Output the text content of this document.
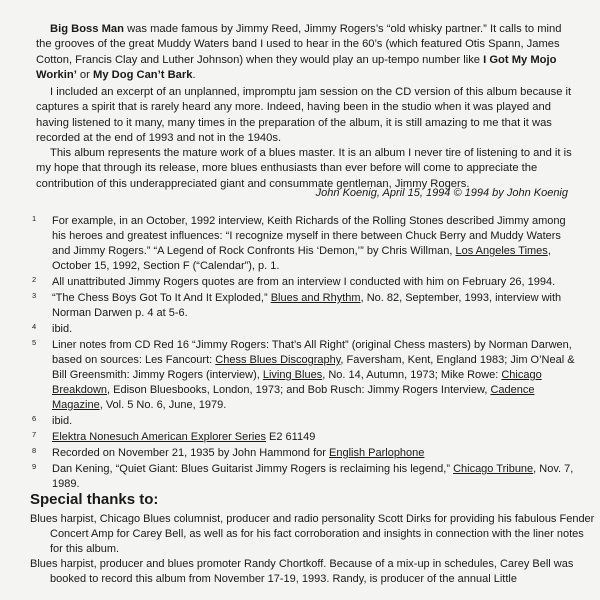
Big Boss Man was made famous by Jimmy Reed, Jimmy Rogers’s “old whisky partner.” It calls to mind the grooves of the great Muddy Waters band I used to hear in the 60’s (which featured Otis Spann, James Cotton, Francis Clay and Luther Johnson) when they would play an up-tempo number like I Got My Mojo Workin’ or My Dog Can’t Bark.

I included an excerpt of an unplanned, impromptu jam session on the CD version of this album because it captures a spirit that is rarely heard any more. Indeed, having been in the studio when it was played and having listened to it many, many times in the preparation of the album, it is still amazing to me that it was recorded at the end of 1993 and not in the 1940s.

This album represents the mature work of a blues master. It is an album I never tire of listening to and it is my hope that through its release, more blues enthusiasts than ever before will come to appreciate the contribution of this underappreciated giant and consummate gentleman, Jimmy Rogers.

John Koenig, April 15, 1994 © 1994 by John Koenig
1 For example, in an October, 1992 interview, Keith Richards of the Rolling Stones described Jimmy among his heroes and greatest influences: “I recognize myself in there between Chuck Berry and Muddy Waters and Jimmy Rogers.” “A Legend of Rock Confronts His ‘Demon,’” by Chris Willman, Los Angeles Times, October 15, 1992, Section F (“Calendar”), p. 1.
2 All unattributed Jimmy Rogers quotes are from an interview I conducted with him on February 26, 1994.
3 “The Chess Boys Got To It And It Exploded,” Blues and Rhythm, No. 82, September, 1993, interview with Norman Darwen p. 4 at 5-6.
4 ibid.
5 Liner notes from CD Red 16 “Jimmy Rogers: That’s All Right” (original Chess masters) by Norman Darwen, based on sources: Les Fancourt: Chess Blues Discography, Faversham, Kent, England 1983; Jim O’Neal & Bill Greensmith: Jimmy Rogers (interview), Living Blues, No. 14, Autumn, 1973; Mike Rowe: Chicago Breakdown, Edison Bluesbooks, London, 1973; and Bob Rusch: Jimmy Rogers Interview, Cadence Magazine, Vol. 5 No. 6, June, 1979.
6 ibid.
7 Elektra Nonesuch American Explorer Series E2 61149
8 Recorded on November 21, 1935 by John Hammond for English Parlophone
9 Dan Kening, “Quiet Giant: Blues Guitarist Jimmy Rogers is reclaiming his legend,” Chicago Tribune, Nov. 7, 1989.
Special thanks to:

Blues harpist, Chicago Blues columnist, producer and radio personality Scott Dirks for providing his fabulous Fender Concert Amp for Carey Bell, as well as for his fact corroboration and insights in connection with the liner notes for this album.

Blues harpist, producer and blues promoter Randy Chortkoff. Because of a mix-up in schedules, Carey Bell was booked to record this album from November 17-19, 1993. Randy, is producer of the annual Little
